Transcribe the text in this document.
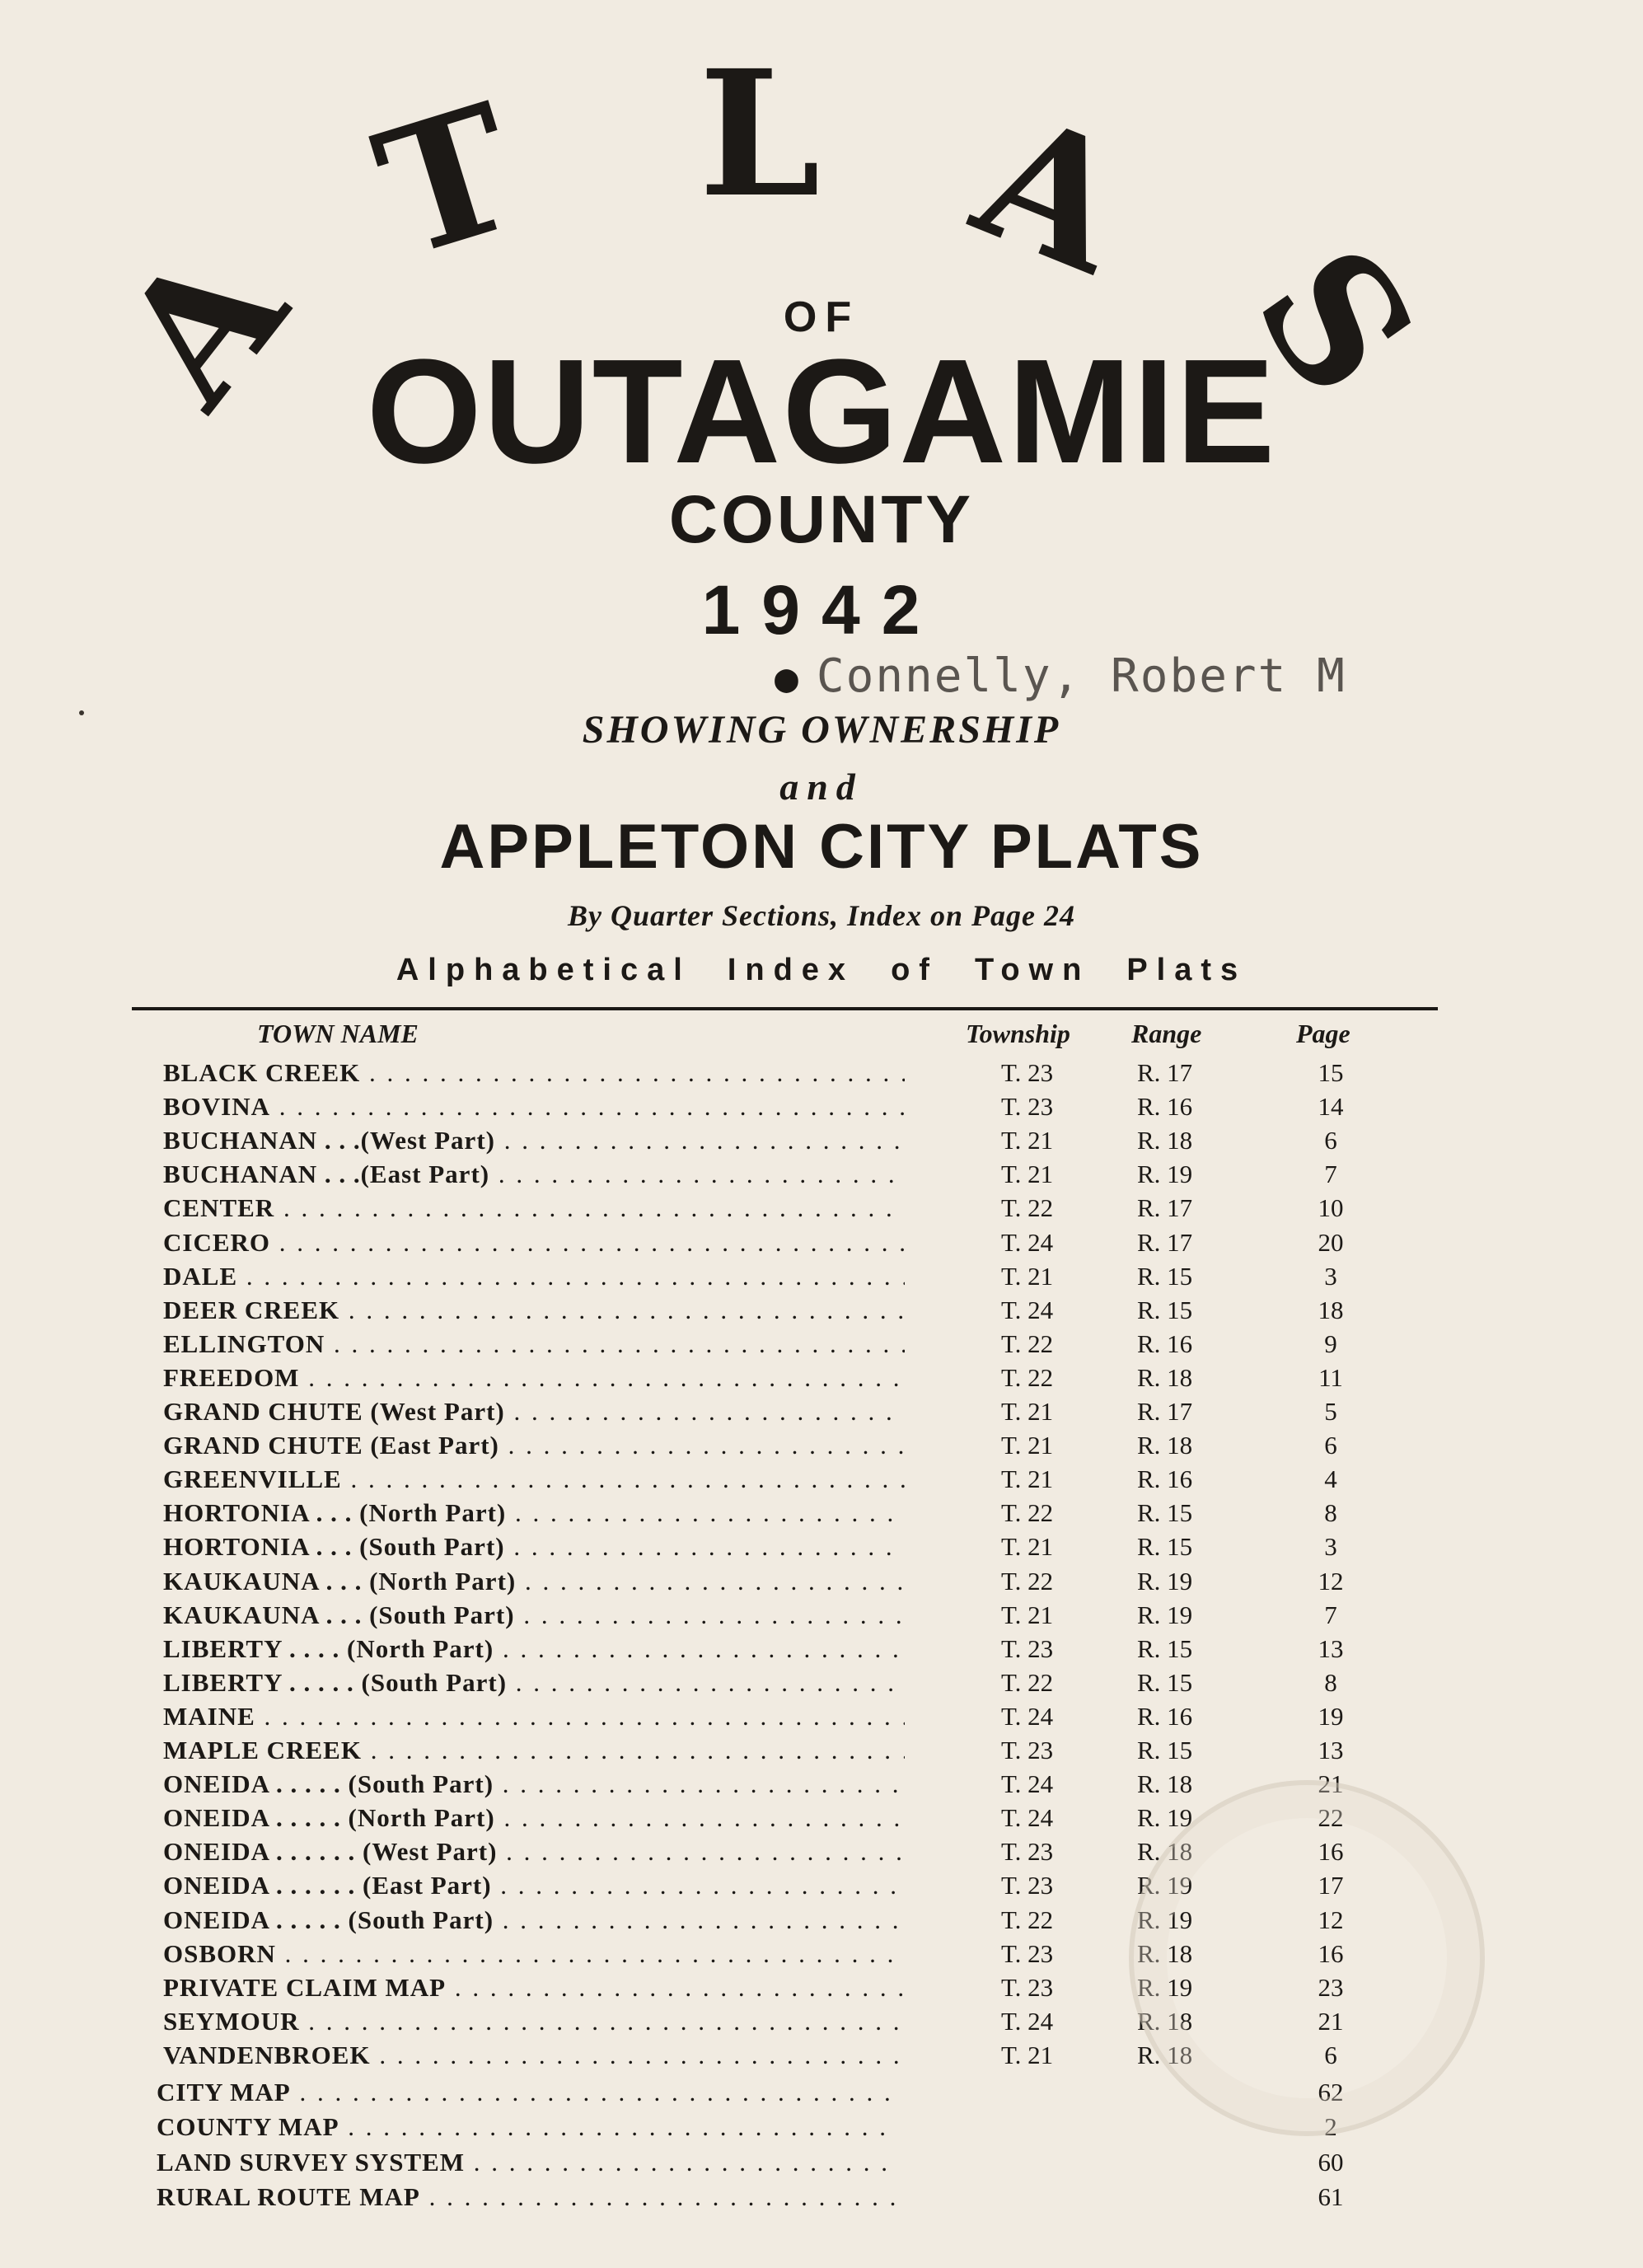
A
T L A
S
OF
OUTAGAMIE
COUNTY
1942
● Connelly, Robert M
SHOWING OWNERSHIP
and
APPLETON CITY PLATS
By Quarter Sections, Index on Page 24
Alphabetical Index of Town Plats
TOWN NAME	Township Range	Page
BLACK CREEK . . .	T. 23	R. 17	15
BOVINA . . .	T. 23	R. 16	14
BUCHANAN . . .(West Part) . . .	T. 21	R. 18	6
BUCHANAN . . .(East Part) . . .	T. 21	R. 19	7
CENTER . . .	T. 22	R. 17	10
CICERO . . .	T. 24	R. 17	20
DALE . . .	T. 21	R. 15	3
DEER CREEK . . .	T. 24	R. 15	18
ELLINGTON . . .	T. 22	R. 16	9
FREEDOM . . .	T. 22	R. 18	11
GRAND CHUTE (West Part) . . .	T. 21	R. 17	5
GRAND CHUTE (East Part) . . .	T. 21	R. 18	6
GREENVILLE . . .	T. 21	R. 16	4
HORTONIA . . . (North Part) . . .	T. 22	R. 15	8
HORTONIA . . . (South Part) . . .	T. 21	R. 15	3
KAUKAUNA . . . (North Part) . . .	T. 22	R. 19	12
KAUKAUNA . . . (South Part) . . .	T. 21	R. 19	7
LIBERTY . . . . (North Part) . . .	T. 23	R. 15	13
LIBERTY . . . . . (South Part) . . .	T. 22	R. 15	8
MAINE . . .	T. 24	R. 16	19
MAPLE CREEK . . .	T. 23	R. 15	13
ONEIDA . . . . . (South Part) . . .	T. 24	R. 18	21
ONEIDA . . . . . (North Part) . . .	T. 24	R. 19	22
ONEIDA . . . . . . (West Part) . . .	T. 23	R. 18	16
ONEIDA . . . . . . (East Part) . . .	T. 23	R. 19	17
ONEIDA . . . . . (South Part) . . .	T. 22	R. 19	12
OSBORN . . .	T. 23	R. 18	16
PRIVATE CLAIM MAP . . .	T. 23	R. 19	23
SEYMOUR . . .	T. 24	R. 18	21
VANDENBROEK . . .	T. 21	R. 18	6
CITY MAP . . .	62
COUNTY MAP . . .	2
LAND SURVEY SYSTEM . . .	60
RURAL ROUTE MAP . . .	61
